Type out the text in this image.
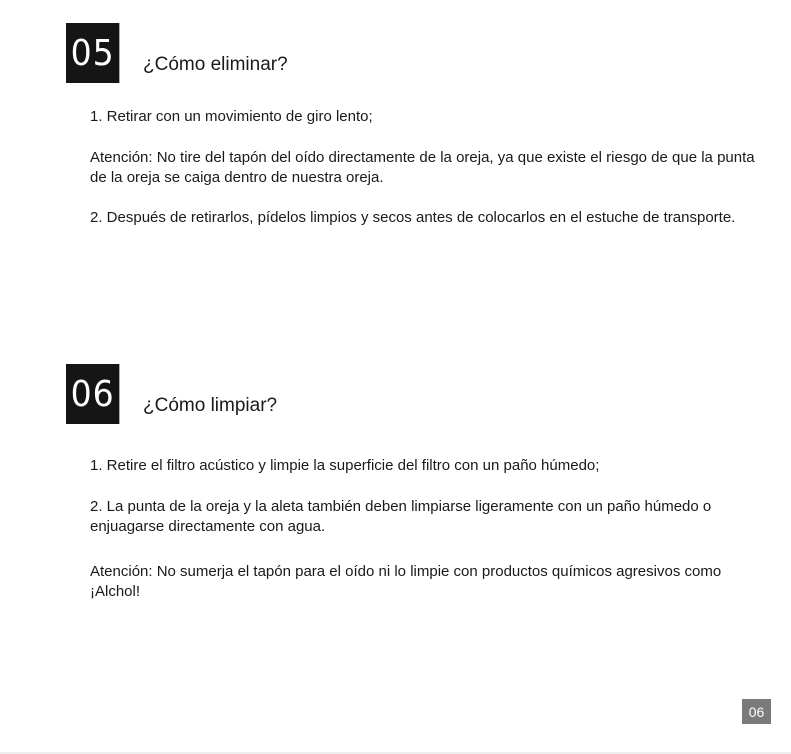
05 ¿Cómo eliminar?
1. Retirar con un movimiento de giro lento;
Atención: No tire del tapón del oído directamente de la oreja, ya que existe el riesgo de que la punta de la oreja se caiga dentro de nuestra oreja.
2. Después de retirarlos, pídelos limpios y secos antes de colocarlos en el estuche de transporte.
06 ¿Cómo limpiar?
1. Retire el filtro acústico y limpie la superficie del filtro con un paño húmedo;
2. La punta de la oreja y la aleta también deben limpiarse ligeramente con un paño húmedo o enjuagarse directamente con agua.
Atención: No sumerja el tapón para el oído ni lo limpie con productos químicos agresivos como ¡Alchol!
06
